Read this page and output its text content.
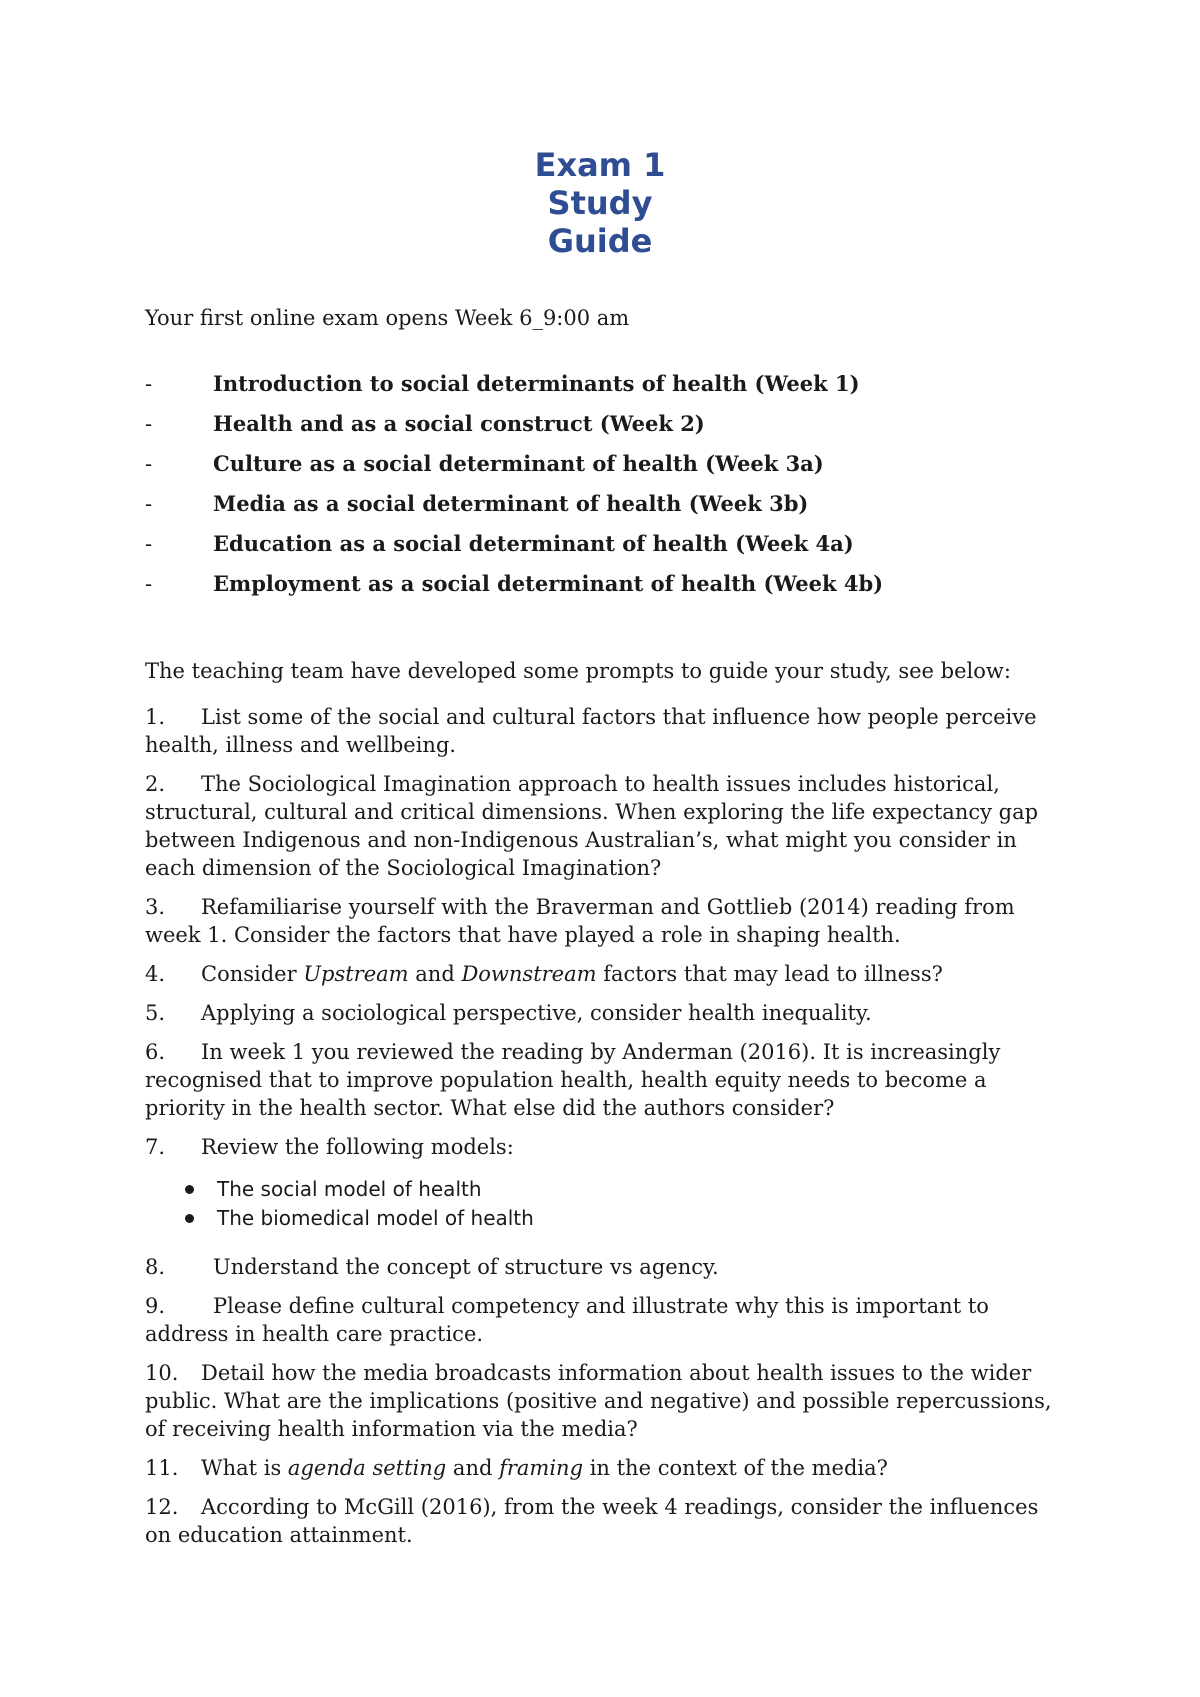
Exam 1
Study
Guide
Your first online exam opens Week 6_9:00 am
-	Introduction to social determinants of health (Week 1)
-	Health and as a social construct (Week 2)
-	Culture as a social determinant of health (Week 3a)
-	Media as a social determinant of health (Week 3b)
-	Education as a social determinant of health (Week 4a)
-	Employment as a social determinant of health (Week 4b)
The teaching team have developed some prompts to guide your study, see below:
1. List some of the social and cultural factors that influence how people perceive health, illness and wellbeing.
2. The Sociological Imagination approach to health issues includes historical, structural, cultural and critical dimensions. When exploring the life expectancy gap between Indigenous and non-Indigenous Australian’s, what might you consider in each dimension of the Sociological Imagination?
3. Refamiliarise yourself with the Braverman and Gottlieb (2014) reading from week 1. Consider the factors that have played a role in shaping health.
4. Consider Upstream and Downstream factors that may lead to illness?
5. Applying a sociological perspective, consider health inequality.
6. In week 1 you reviewed the reading by Anderman (2016). It is increasingly recognised that to improve population health, health equity needs to become a priority in the health sector. What else did the authors consider?
7. Review the following models:
The social model of health
The biomedical model of health
8. Understand the concept of structure vs agency.
9. Please define cultural competency and illustrate why this is important to address in health care practice.
10. Detail how the media broadcasts information about health issues to the wider public. What are the implications (positive and negative) and possible repercussions, of receiving health information via the media?
11. What is agenda setting and framing in the context of the media?
12. According to McGill (2016), from the week 4 readings, consider the influences on education attainment.
